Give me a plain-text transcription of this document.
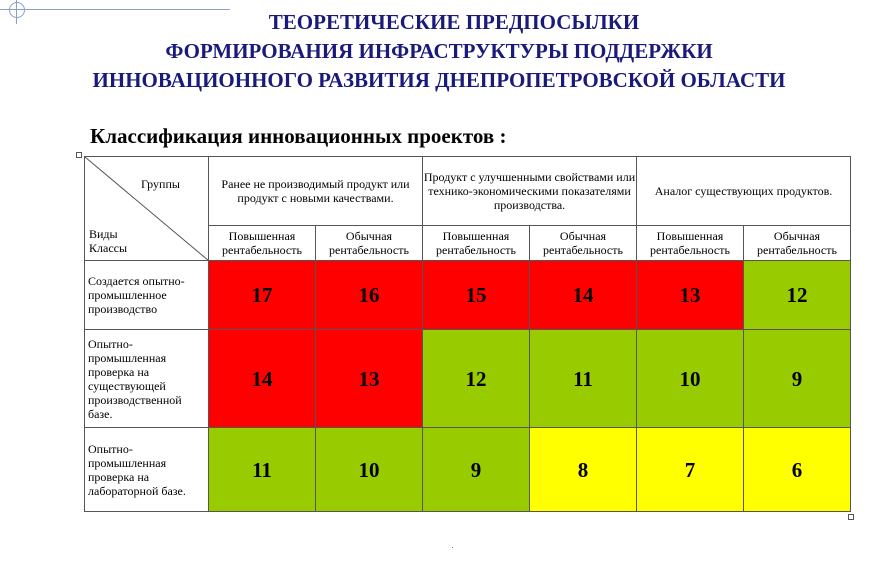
ТЕОРЕТИЧЕСКИЕ ПРЕДПОСЫЛКИ
ФОРМИРОВАНИЯ ИНФРАСТРУКТУРЫ ПОДДЕРЖКИ
ИННОВАЦИОННОГО РАЗВИТИЯ ДНЕПРОПЕТРОВСКОЙ ОБЛАСТИ
Классификация инновационных проектов :
Группы
Виды
Классы	Ранее не производимый продукт или продукт с новыми качествами.		Продукт с улучшенными свойствами или технико-экономическими показателями производства.		Аналог существующих продуктов.	
	Повышенная рентабельность	Обычная рентабельность	Повышенная рентабельность	Обычная рентабельность	Повышенная рентабельность	Обычная рентабельность
Создается опытно-промышленное производство	17	16	15	14	13	12
Опытно-промышленная проверка на существующей производственной базе.	14	13	12	11	10	9
Опытно-промышленная проверка на лабораторной базе.	11	10	9	8	7	6
